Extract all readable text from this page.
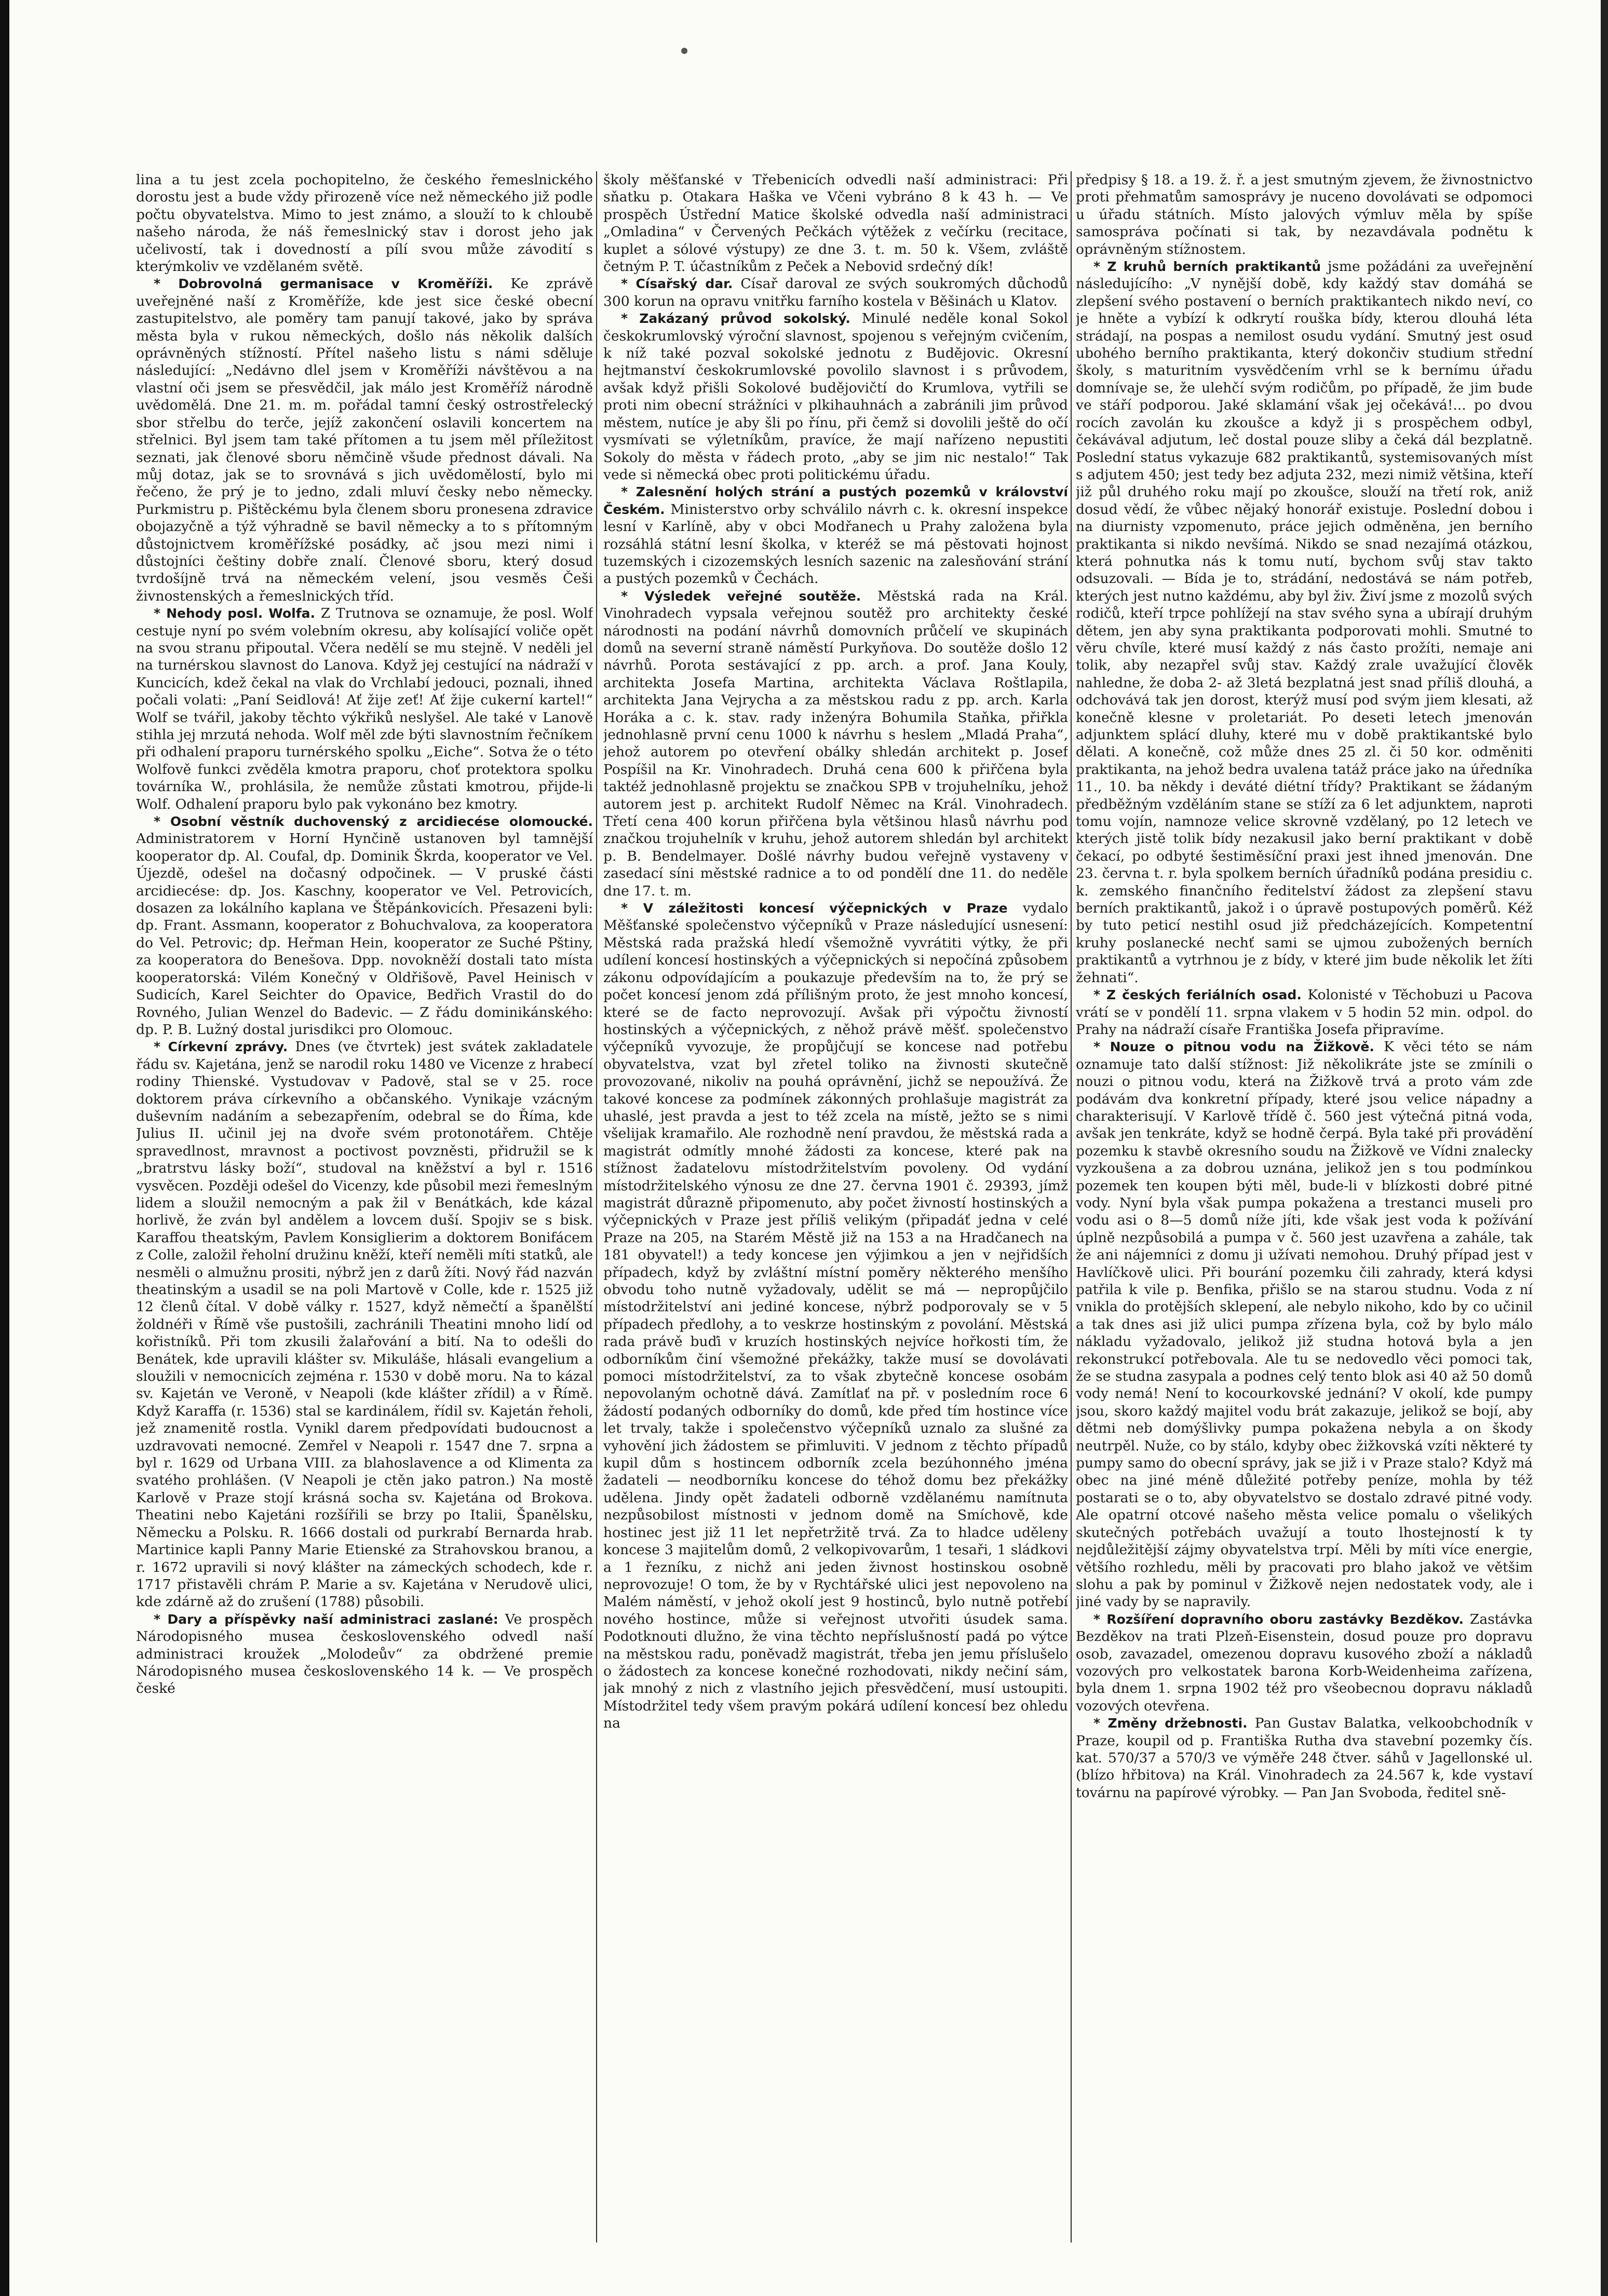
lina a tu jest zcela pochopitelno, že českého řemeslnického dorostu jest a bude vždy přirozeně více než německého již podle počtu obyvatelstva. Mimo to jest známo, a slouží to k chloubě našeho národa, že náš řemeslnický stav i dorost jeho jak učelivostí, tak i dovedností a pílí svou může závodití s kterýmkoliv ve vzdělaném světě.

* Dobrovolná germanisace v Kroměříži. Ke zprávě uveřejněné naší z Kroměříže, kde jest sice české obecní zastupitelstvo, ale poměry tam panují takové, jako by správa města byla v rukou německých, došlo nás několik dalších oprávněných stížností. Přítel našeho listu s námi sděluje následující: „Nedávno dlel jsem v Kroměříži návštěvou a na vlastní oči jsem se přesvědčil, jak málo jest Kroměříž národně uvědomělá. Dne 21. m. m. pořádal tamní český ostrostřelecký sbor střelbu do terče, jejíž zakončení oslavili koncertem na střelnici. Byl jsem tam také přítomen a tu jsem měl příležitost seznati, jak členové sboru němčině všude přednost dávali. Na můj dotaz, jak se to srovnává s jich uvědomělostí, bylo mi řečeno, že prý je to jedno, zdali mluví česky nebo německy. Purkmistru p. Pištěckému byla členem sboru pronesena zdravice obojazyčně a týž výhradně se bavil německy a to s přítomným důstojnictvem kroměřížské posádky, ač jsou mezi nimi i důstojníci češtiny dobře znalí. Členové sboru, který dosud tvrdošíjně trvá na německém velení, jsou vesměs Češi živnostenských a řemeslnických tříd.

* Nehody posl. Wolfa. Z Trutnova se oznamuje, že posl. Wolf cestuje nyní po svém volebním okresu, aby kolísající voliče opět na svou stranu připoutal. Včera nedělí se mu stejně. V neděli jel na turnérskou slavnost do Lanova. Když jej cestující na nádraží v Kuncicích, kdež čekal na vlak do Vrchlabí jedouci, poznali, ihned počali volati: „Paní Seidlová! Ať žije zeť! Ať žije cukerní kartel!“ Wolf se tvářil, jakoby těchto výkřiků neslyšel. Ale také v Lanově stihla jej mrzutá nehoda. Wolf měl zde býti slavnostním řečníkem při odhalení praporu turnérského spolku „Eiche“. Sotva že o této Wolfově funkci zvěděla kmotra praporu, choť protektora spolku továrníka W., prohlásila, že nemůže zůstati kmotrou, přijde-li Wolf. Odhalení praporu bylo pak vykonáno bez kmotry.

* Osobní věstník duchovenský z arcidiecése olomoucké. Administratorem v Horní Hynčině ustanoven byl tamnější kooperator dp. Al. Coufal, dp. Dominik Škrda, kooperator ve Vel. Újezdě, odešel na dočasný odpočinek. — V pruské části arcidiecése: dp. Jos. Kaschny, kooperator ve Vel. Petrovicích, dosazen za lokálního kaplana ve Štěpánkovicích. Přesazeni byli: dp. Frant. Assmann, kooperator z Bohuchvalova, za kooperatora do Vel. Petrovic; dp. Heřman Hein, kooperator ze Suché Pštiny, za kooperatora do Benešova. Dpp. novokněží dostali tato místa kooperatorská: Vilém Konečný v Oldřišově, Pavel Heinisch v Sudicích, Karel Seichter do Opavice, Bedřich Vrastil do do Rovného, Julian Wenzel do Badevic. — Z řádu dominikánského: dp. P. B. Lužný dostal jurisdikci pro Olomouc.

* Církevní zprávy. Dnes (ve čtvrtek) jest svátek zakladatele řádu sv. Kajetána, jenž se narodil roku 1480 ve Vicenze z hrabecí rodiny Thienské. Vystudovav v Padově, stal se v 25. roce doktorem práva církevního a občanského. Vynikaje vzácným duševním nadáním a sebezapřením, odebral se do Říma, kde Julius II. učinil jej na dvoře svém protonotářem. Chtěje spravedlnost, mravnost a poctivost povzněsti, přidružil se k „bratrstvu lásky boží“, studoval na kněžství a byl r. 1516 vysvěcen. Později odešel do Vicenzy, kde působil mezi řemeslným lidem a sloužil nemocným a pak žil v Benátkách, kde kázal horlivě, že zván byl andělem a lovcem duší. Spojiv se s bisk. Karaffou theatským, Pavlem Konsiglierim a doktorem Bonifácem z Colle, založil řeholní družinu kněží, kteří neměli míti statků, ale nesměli o almužnu prositi, nýbrž jen z darů žíti. Nový řád nazván theatinským a usadil se na poli Martově v Colle, kde r. 1525 již 12 členů čítal. V době války r. 1527, když němečtí a španělští žoldnéři v Římě vše pustošili, zachránili Theatini mnoho lidí od kořistníků. Při tom zkusili žalařování a bití. Na to odešli do Benátek, kde upravili klášter sv. Mikuláše, hlásali evangelium a sloužili v nemocnicích zejména r. 1530 v době moru. Na to kázal sv. Kajetán ve Veroně, v Neapoli (kde klášter zřídil) a v Římě. Když Karaffa (r. 1536) stal se kardinálem, řídil sv. Kajetán řeholi, jež znamenitě rostla. Vynikl darem předpovídati budoucnost a uzdravovati nemocné. Zemřel v Neapoli r. 1547 dne 7. srpna a byl r. 1629 od Urbana VIII. za blahoslavence a od Klimenta za svatého prohlášen. (V Neapoli je ctěn jako patron.) Na mostě Karlově v Praze stojí krásná socha sv. Kajetána od Brokova. Theatini nebo Kajetáni rozšířili se brzy po Italii, Španělsku, Německu a Polsku. R. 1666 dostali od purkrabí Bernarda hrab. Martinice kapli Panny Marie Etienské za Strahovskou branou, a r. 1672 upravili si nový klášter na zámeckých schodech, kde r. 1717 přistavěli chrám P. Marie a sv. Kajetána v Nerudově ulici, kde zdárně až do zrušení (1788) působili.

* Dary a příspěvky naší administraci zaslané: Ve prospěch Národopisného musea československého odvedl naší administraci kroužek „Molodeův“ za obdržené premie Národopisného musea československého 14 k. — Ve prospěch české

školy měšťanské v Třebenicích odvedli naší administraci: Při sňatku p. Otakara Haška ve Včeni vybráno 8 k 43 h. — Ve prospěch Ústřední Matice školské odvedla naší administraci „Omladina“ v Červených Pečkách výtěžek z večírku (recitace, kuplet a sólové výstupy) ze dne 3. t. m. 50 k. Všem, zvláště četným P. T. účastníkům z Peček a Nebovid srdečný dík!

* Císařský dar. Císař daroval ze svých soukromých důchodů 300 korun na opravu vnitřku farního kostela v Běšinách u Klatov.

* Zakázaný průvod sokolský. Minulé neděle konal Sokol českokrumlovský výroční slavnost, spojenou s veřejným cvičením, k níž také pozval sokolské jednotu z Budějovic. Okresní hejtmanství českokrumlovské povolilo slavnost i s průvodem, avšak když přišli Sokolové budějovičtí do Krumlova, vytřili se proti nim obecní strážníci v plkihauhnách a zabránili jim průvod městem, nutíce je aby šli po řínu, při čemž si dovolili ještě do očí vysmívati se výletníkům, pravíce, že mají nařízeno nepustiti Sokoly do města v řádech proto, „aby se jim nic nestalo!“ Tak vede si německá obec proti politickému úřadu.

* Zalesnění holých strání a pustých pozemků v království Českém. Ministerstvo orby schválilo návrh c. k. okresní inspekce lesní v Karlíně, aby v obci Modřanech u Prahy založena byla rozsáhlá státní lesní školka, v kteréž se má pěstovati hojnost tuzemských i cizozemských lesních sazenic na zalesňování strání a pustých pozemků v Čechách.

* Výsledek veřejné soutěže. Městská rada na Král. Vinohradech vypsala veřejnou soutěž pro architekty české národnosti na podání návrhů domovních průčelí ve skupinách domů na severní straně náměstí Purkyňova. Do soutěže došlo 12 návrhů. Porota sestávající z pp. arch. a prof. Jana Kouly, architekta Josefa Martina, architekta Václava Roštlapila, architekta Jana Vejrycha a za městskou radu z pp. arch. Karla Horáka a c. k. stav. rady inženýra Bohumila Staňka, přiřkla jednohlasně první cenu 1000 k návrhu s heslem „Mladá Praha“, jehož autorem po otevření obálky shledán architekt p. Josef Pospíšil na Kr. Vinohradech. Druhá cena 600 k přiřčena byla taktéž jednohlasně projektu se značkou SPB v trojuhelníku, jehož autorem jest p. architekt Rudolf Němec na Král. Vinohradech. Třetí cena 400 korun přiřčena byla většinou hlasů návrhu pod značkou trojuhelník v kruhu, jehož autorem shledán byl architekt p. B. Bendelmayer. Došlé návrhy budou veřejně vystaveny v zasedací síni městské radnice a to od pondělí dne 11. do neděle dne 17. t. m.

* V záležitosti koncesí výčepnických v Praze vydalo Měšťanské společenstvo výčepníků v Praze následující usnesení: Městská rada pražská hledí všemožně vyvrátiti výtky, že při udílení koncesí hostinských a výčepnických si nepočíná způsobem zákonu odpovídajícím a poukazuje především na to, že prý se počet koncesí jenom zdá přílišným proto, že jest mnoho koncesí, které se de facto neprovozují. Avšak při výpočtu živností hostinských a výčepnických, z něhož právě měšť. společenstvo výčepníků vyvozuje, že propůjčují se koncese nad potřebu obyvatelstva, vzat byl zřetel toliko na živnosti skutečně provozované, nikoliv na pouhá oprávnění, jichž se nepoužívá. Že takové koncese za podmínek zákonných prohlašuje magistrát za uhaslé, jest pravda a jest to též zcela na místě, ježto se s nimi všelijak kramařilo. Ale rozhodně není pravdou, že městská rada a magistrát odmítly mnohé žádosti za koncese, které pak na stížnost žadatelovu místodržitelstvím povoleny. Od vydání místodržitelského výnosu ze dne 27. června 1901 č. 29393, jímž magistrát důrazně připomenuto, aby počet živností hostinských a výčepnických v Praze jest příliš velikým (připadáť jedna v celé Praze na 205, na Starém Městě již na 153 a na Hradčanech na 181 obyvatel!) a tedy koncese jen výjimkou a jen v nejřidších případech, když by zvláštní místní poměry některého menšího obvodu toho nutně vyžadovaly, udělit se má — nepropůjčilo místodržitelství ani jediné koncese, nýbrž podporovaly se v 5 případech předlohy, a to veskrze hostinským z povolání. Městská rada právě buďi v kruzích hostinských nejvíce hořkosti tím, že odborníkům činí všemožné překážky, takže musí se dovolávati pomoci místodržitelství, za to však zbytečně koncese osobám nepovolaným ochotně dává. Zamítlať na př. v posledním roce 6 žádostí podaných odborníky do domů, kde před tím hostince více let trvaly, takže i společenstvo výčepníků uznalo za slušné za vyhovění jich žádostem se přimluviti. V jednom z těchto případů kupil dům s hostincem odborník zcela bezúhonného jména žadateli — neodborníku koncese do téhož domu bez překážky udělena. Jindy opět žadateli odborně vzdělanému namítnuta nezpůsobilost místnosti v jednom domě na Smíchově, kde hostinec jest již 11 let nepřetržitě trvá. Za to hladce uděleny koncese 3 majitelům domů, 2 velkopivovarům, 1 tesaři, 1 sládkovi a 1 řezníku, z nichž ani jeden živnost hostinskou osobně neprovozuje! O tom, že by v Rychtářské ulici jest nepovoleno na Malém náměstí, v jehož okolí jest 9 hostinců, bylo nutně potřebí nového hostince, může si veřejnost utvořiti úsudek sama. Podotknouti dlužno, že vina těchto nepříslušností padá po výtce na městskou radu, poněvadž magistrát, třeba jen jemu příslušelo o žádostech za koncese konečné rozhodovati, nikdy nečiní sám, jak mnohý z nich z vlastního jejich přesvědčení, musí ustoupiti. Místodržitel tedy všem pravým pokárá udílení koncesí bez ohledu na

předpisy § 18. a 19. ž. ř. a jest smutným zjevem, že živnostnictvo proti přehmatům samosprávy je nuceno dovolávati se odpomoci u úřadu státních. Místo jalových výmluv měla by spíše samospráva počínati si tak, by nezavdávala podnětu k oprávněným stížnostem.

* Z kruhů berních praktikantů jsme požádáni za uveřejnění následujícího: „V nynější době, kdy každý stav domáhá se zlepšení svého postavení o berních praktikantech nikdo neví, co je hněte a vybízí k odkrytí rouška bídy, kterou dlouhá léta strádají, na pospas a nemilost osudu vydání. Smutný jest osud ubohého berního praktikanta, který dokončiv studium střední školy, s maturitním vysvědčením vrhl se k bernímu úřadu domnívaje se, že ulehčí svým rodičům, po případě, že jim bude ve stáří podporou. Jaké sklamání však jej očekává!... po dvou rocích zavolán ku zkoušce a když ji s prospěchem odbyl, čekávával adjutum, leč dostal pouze sliby a čeká dál bezplatně. Poslední status vykazuje 682 praktikantů, systemisovaných míst s adjutem 450; jest tedy bez adjuta 232, mezi nimiž většina, kteří již půl druhého roku mají po zkoušce, slouží na třetí rok, aniž dosud vědí, že vůbec nějaký honorář existuje. Poslední dobou i na diurnisty vzpomenuto, práce jejich odměněna, jen berního praktikanta si nikdo nevšímá. Nikdo se snad nezajímá otázkou, která pohnutka nás k tomu nutí, bychom svůj stav takto odsuzovali. — Bída je to, strádání, nedostává se nám potřeb, kterých jest nutno každému, aby byl živ. Živí jsme z mozolů svých rodičů, kteří trpce pohlížejí na stav svého syna a ubírají druhým dětem, jen aby syna praktikanta podporovati mohli. Smutné to věru chvíle, které musí každý z nás často prožíti, nemaje ani tolik, aby nezapřel svůj stav. Každý zrale uvažující člověk nahledne, že doba 2- až 3letá bezplatná jest snad příliš dlouhá, a odchovává tak jen dorost, kterýž musí pod svým jiem klesati, až konečně klesne v proletariát. Po deseti letech jmenován adjunktem splácí dluhy, které mu v době praktikantské bylo dělati. A konečně, což může dnes 25 zl. či 50 kor. odměniti praktikanta, na jehož bedra uvalena tatáž práce jako na úředníka 11., 10. ba někdy i deváté diétní třídy? Praktikant se žádaným předběžným vzděláním stane se stíží za 6 let adjunktem, naproti tomu vojín, namnoze velice skrovně vzdělaný, po 12 letech ve kterých jistě tolik bídy nezakusil jako berní praktikant v době čekací, po odbyté šestiměsíční praxi jest ihned jmenován. Dne 23. června t. r. byla spolkem berních úřadníků podána presidiu c. k. zemského finančního ředitelství žádost za zlepšení stavu berních praktikantů, jakož i o úpravě postupových poměrů. Kéž by tuto peticí nestihl osud již předcházejících. Kompetentní kruhy poslanecké nechť sami se ujmou zubožených berních praktikantů a vytrhnou je z bídy, v které jim bude několik let žíti žehnati“.

* Z českých feriálních osad. Kolonisté v Těchobuzi u Pacova vrátí se v pondělí 11. srpna vlakem v 5 hodin 52 min. odpol. do Prahy na nádraží císaře Františka Josefa připravíme.

* Nouze o pitnou vodu na Žižkově. K věci této se nám oznamuje tato další stížnost: Již několikráte jste se zmínili o nouzi o pitnou vodu, která na Žižkově trvá a proto vám zde podávám dva konkretní případy, které jsou velice nápadny a charakterisují. V Karlově třídě č. 560 jest výtečná pitná voda, avšak jen tenkráte, když se hodně čerpá. Byla také při provádění pozemku k stavbě okresního soudu na Žižkově ve Vídni znalecky vyzkoušena a za dobrou uznána, jelikož jen s tou podmínkou pozemek ten koupen býti měl, bude-li v blízkosti dobré pitné vody. Nyní byla však pumpa pokažena a trestanci museli pro vodu asi o 8—5 domů níže jíti, kde však jest voda k požívání úplně nezpůsobilá a pumpa v č. 560 jest uzavřena a zahále, tak že ani nájemníci z domu ji užívati nemohou. Druhý případ jest v Havlíčkově ulici. Při bourání pozemku čili zahrady, která kdysi patřila k vile p. Benfika, přišlo se na starou studnu. Voda z ní vnikla do protějších sklepení, ale nebylo nikoho, kdo by co učinil a tak dnes asi již ulici pumpa zřízena byla, což by bylo málo nákladu vyžadovalo, jelikož již studna hotová byla a jen rekonstrukcí potřebovala. Ale tu se nedovedlo věci pomoci tak, že se studna zasypala a podnes celý tento blok asi 40 až 50 domů vody nemá! Není to kocourkovské jednání? V okolí, kde pumpy jsou, skoro každý majitel vodu brát zakazuje, jelikož se bojí, aby dětmi neb domýšlivky pumpa pokažena nebyla a on škody neutrpěl. Nuže, co by stálo, kdyby obec žižkovská vzíti některé ty pumpy samo do obecní správy, jak se již i v Praze stalo? Když má obec na jiné méně důležité potřeby peníze, mohla by též postarati se o to, aby obyvatelstvo se dostalo zdravé pitné vody. Ale opatrní otcové našeho města velice pomalu o všelikých skutečných potřebách uvažují a touto lhostejností k ty nejdůležitější zájmy obyvatelstva trpí. Měli by míti více energie, většího rozhledu, měli by pracovati pro blaho jakož ve většim slohu a pak by pominul v Žižkově nejen nedostatek vody, ale i jiné vady by se napravily.

* Rozšíření dopravního oboru zastávky Bezděkov. Zastávka Bezděkov na trati Plzeň-Eisenstein, dosud pouze pro dopravu osob, zavazadel, omezenou dopravu kusového zboží a nákladů vozových pro velkostatek barona Korb-Weidenheima zařízena, byla dnem 1. srpna 1902 též pro všeobecnou dopravu nákladů vozových otevřena.

* Změny držebnosti. Pan Gustav Balatka, velkoobchodník v Praze, koupil od p. Františka Rutha dva stavební pozemky čís. kat. 570/37 a 570/3 ve výměře 248 čtver. sáhů v Jagellonské ul. (blízo hřbitova) na Král. Vinohradech za 24.567 k, kde vystaví továrnu na papírové výrobky. — Pan Jan Svoboda, ředitel sně-
